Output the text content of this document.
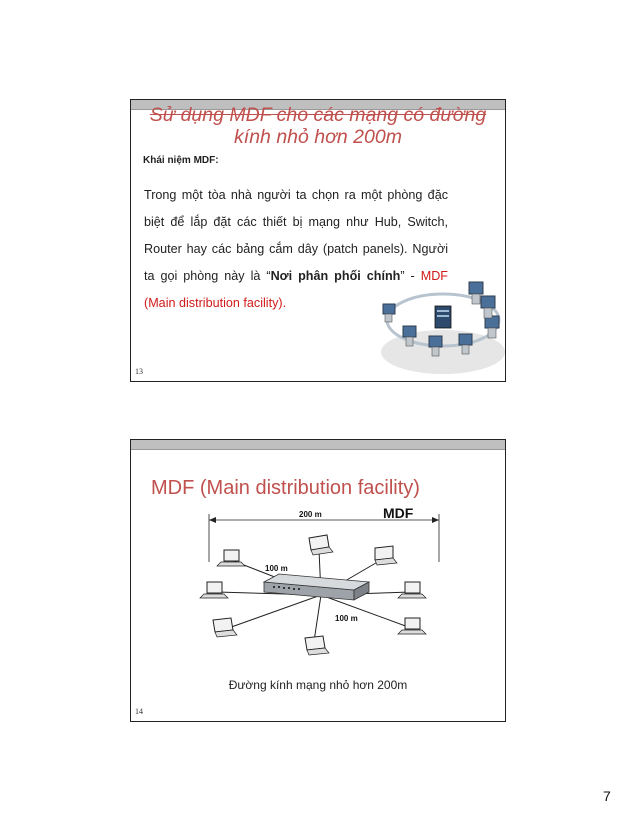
Sử dụng MDF cho các mạng có đường
kính nhỏ hơn 200m
Khái niệm MDF:
Trong một tòa nhà người ta chọn ra một phòng đặc biệt để lắp đặt các thiết bị mạng như Hub, Switch, Router hay các bảng cắm dây (patch panels). Người ta gọi phòng này là “Nơi phân phối chính” - MDF (Main distribution facility).
13
MDF (Main distribution facility)
200 m	MDF
100 m
100 m
Đường kính mạng nhỏ hơn 200m
14
7
